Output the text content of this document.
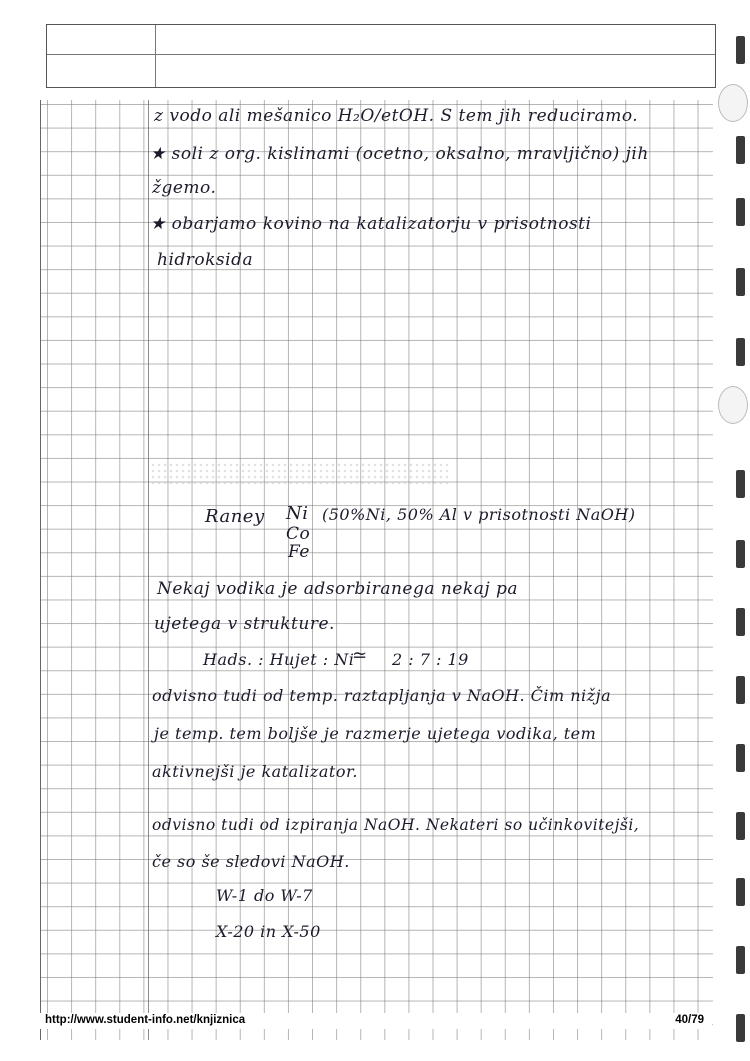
z vodo ali mešanico H₂O/etOH. S tem jih reduciramo.
★ soli z org. kislinami (ocetno, oksalno, mravljično) jih
žgemo.
★ obarjamo kovino na katalizatorju v prisotnosti
hidroksida
Raney Ni (50%Ni, 50% Al v prisotnosti NaOH)
Co
Fe
Nekaj vodika je adsorbiranega nekaj pa
ujetega v strukture.
Hads. : Hujet : Ni
≃ 2 : 7 : 19
odvisno tudi od temp. raztapljanja v NaOH. Čim nižja
je temp. tem boljše je razmerje ujetega vodika, tem
aktivnejši je katalizator.
odvisno tudi od izpiranja NaOH. Nekateri so učinkovitejši,
če so še sledovi NaOH.
W-1 do W-7
X-20 in X-50
http://www.student-info.net/knjiznica	40/79
